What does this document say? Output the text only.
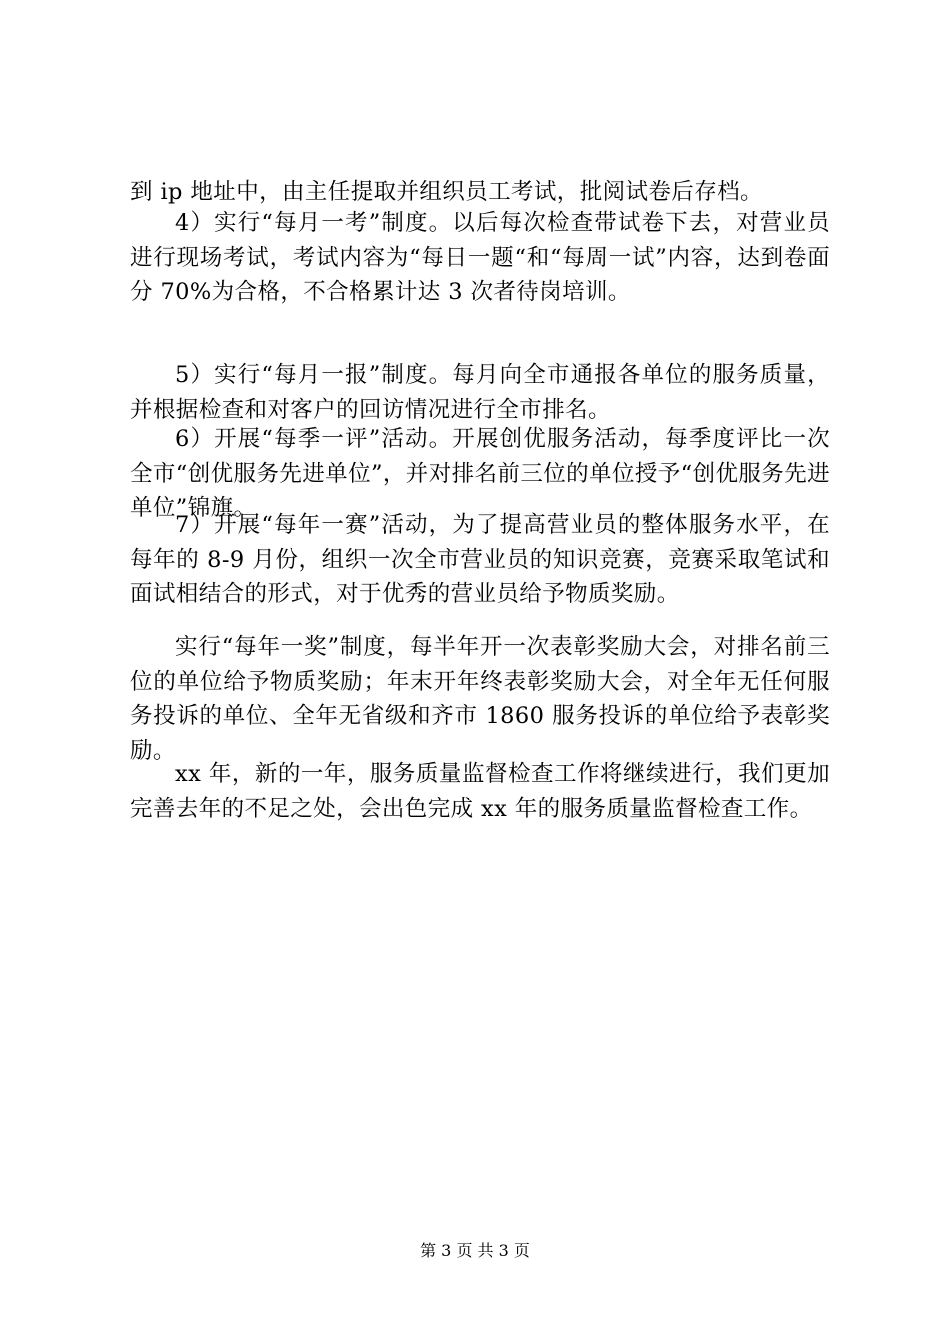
到 ip 地址中，由主任提取并组织员工考试，批阅试卷后存档。

4）实行“每月一考”制度。以后每次检查带试卷下去，对营业员进行现场考试，考试内容为“每日一题“和“每周一试”内容，达到卷面分 70%为合格，不合格累计达 3 次者待岗培训。

5）实行“每月一报”制度。每月向全市通报各单位的服务质量，并根据检查和对客户的回访情况进行全市排名。

6）开展“每季一评”活动。开展创优服务活动，每季度评比一次全市“创优服务先进单位”，并对排名前三位的单位授予“创优服务先进单位”锦旗。

7）开展“每年一赛”活动，为了提高营业员的整体服务水平，在每年的 8-9 月份，组织一次全市营业员的知识竞赛，竞赛采取笔试和面试相结合的形式，对于优秀的营业员给予物质奖励。

实行“每年一奖”制度，每半年开一次表彰奖励大会，对排名前三位的单位给予物质奖励；年末开年终表彰奖励大会，对全年无任何服务投诉的单位、全年无省级和齐市 1860 服务投诉的单位给予表彰奖励。

xx 年，新的一年，服务质量监督检查工作将继续进行，我们更加完善去年的不足之处，会出色完成 xx 年的服务质量监督检查工作。

第 3 页 共 3 页
